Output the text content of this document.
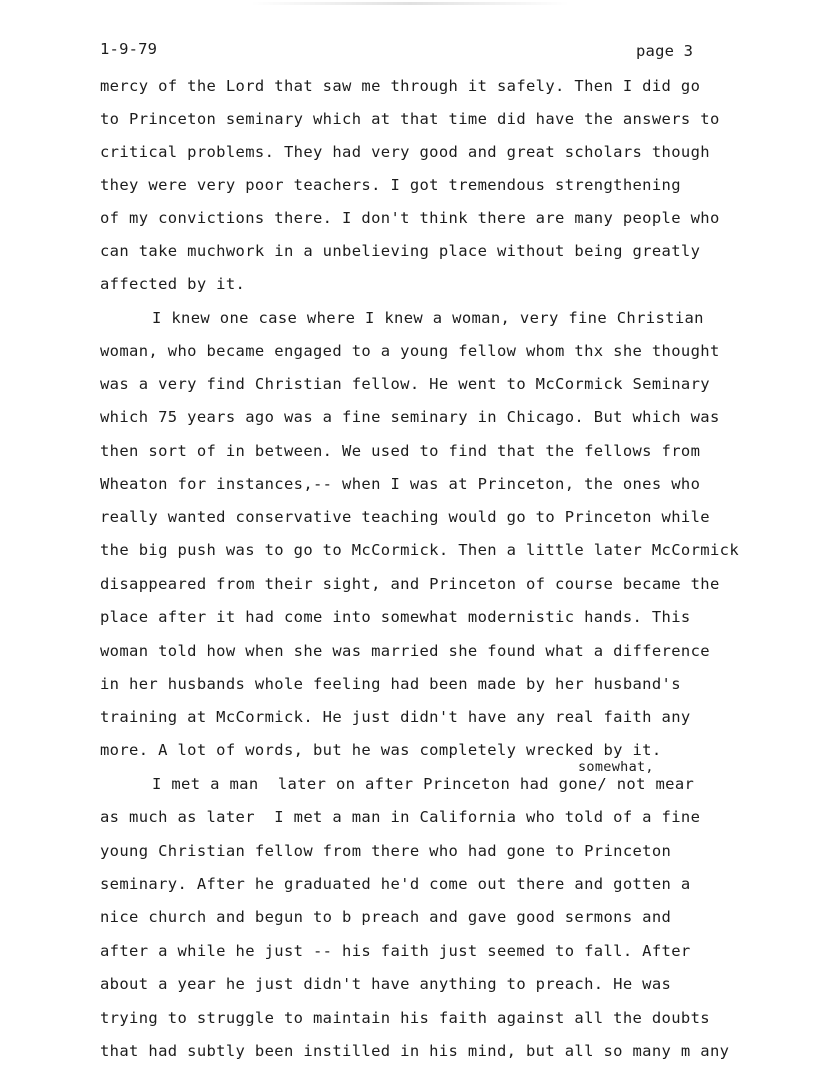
1-9-79	page 3
mercy of the Lord that saw me through it safely. Then I did go
to Princeton seminary which at that time did have the answers to
critical problems. They had very good and great scholars though
they were very poor teachers. I got tremendous strengthening
of my convictions there. I don't think there are many people who
can take muchwork in a unbelieving place without being greatly
affected by it.
I knew one case where I knew a woman, very fine Christian
woman, who became engaged to a young fellow whom thx she thought
was a very find Christian fellow. He went to McCormick Seminary
which 75 years ago was a fine seminary in Chicago. But which was
then sort of in between. We used to find that the fellows from
Wheaton for instances,-- when I was at Princeton, the ones who
really wanted conservative teaching would go to Princeton while
the big push was to go to McCormick. Then a little later McCormick
disappeared from their sight, and Princeton of course became the
place after it had come into somewhat modernistic hands. This
woman told how when she was married she found what a difference
in her husbands whole feeling had been made by her husband's
training at McCormick. He just didn't have any real faith any
more. A lot of words, but he was completely wrecked by it.
somewhat,
I met a man  later on after Princeton had gone/ not mear
as much as later  I met a man in California who told of a fine
young Christian fellow from there who had gone to Princeton
seminary. After he graduated he'd come out there and gotten a
nice church and begun to b preach and gave good sermons and
after a while he just -- his faith just seemed to fall. After
about a year he just didn't have anything to preach. He was
trying to struggle to maintain his faith against all the doubts
that had subtly been instilled in his mind, but all so many m any
